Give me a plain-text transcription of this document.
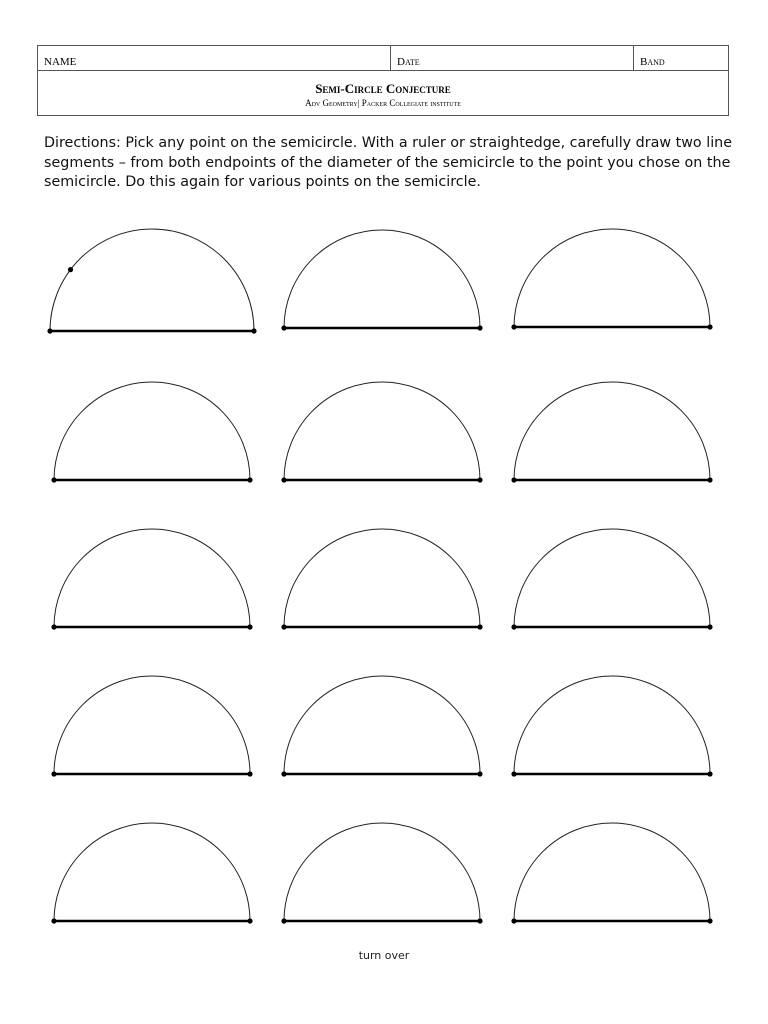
NAME	Date	Band

Semi-Circle Conjecture
Adv Geometry| Packer Collegiate institute

Directions: Pick any point on the semicircle. With a ruler or straightedge, carefully draw two line segments – from both endpoints of the diameter of the semicircle to the point you chose on the semicircle. Do this again for various points on the semicircle.

turn over
